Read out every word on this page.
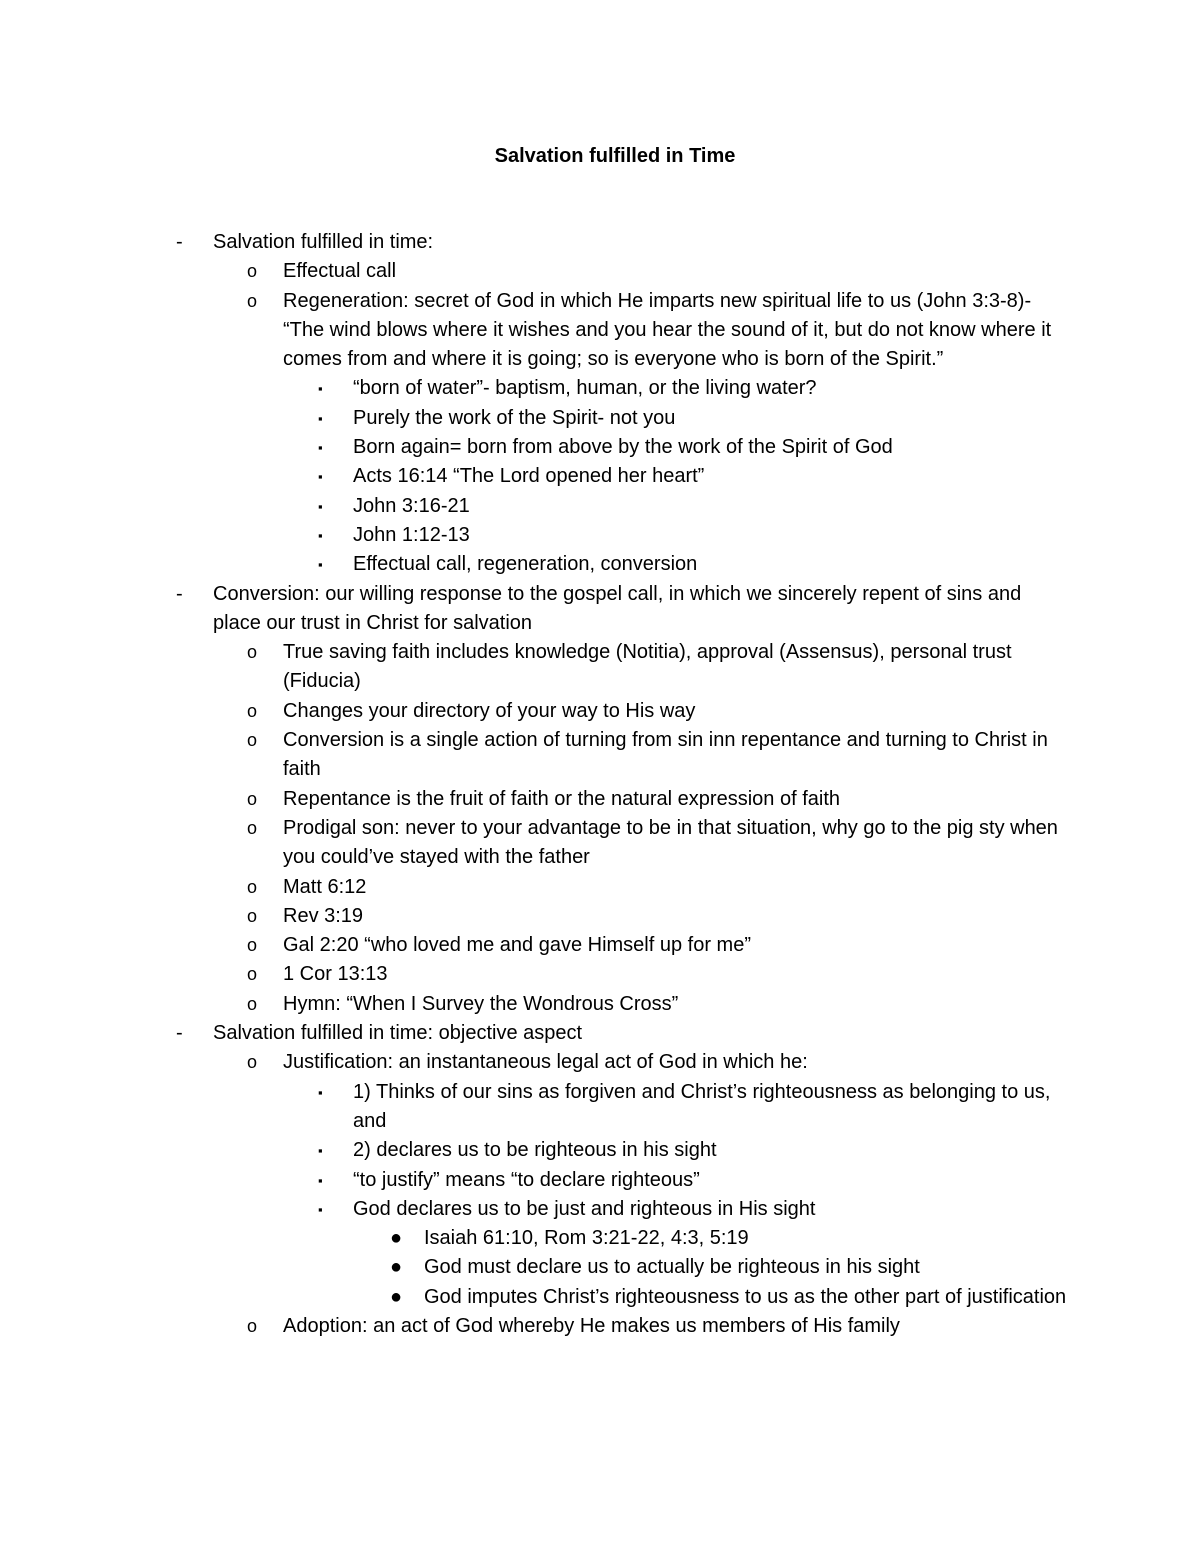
Salvation fulfilled in Time
- Salvation fulfilled in time:
o Effectual call
o Regeneration: secret of God in which He imparts new spiritual life to us (John 3:3-8)- “The wind blows where it wishes and you hear the sound of it, but do not know where it comes from and where it is going; so is everyone who is born of the Spirit.”
▪ “born of water”- baptism, human, or the living water?
▪ Purely the work of the Spirit- not you
▪ Born again= born from above by the work of the Spirit of God
▪ Acts 16:14 “The Lord opened her heart”
▪ John 3:16-21
▪ John 1:12-13
▪ Effectual call, regeneration, conversion
- Conversion: our willing response to the gospel call, in which we sincerely repent of sins and place our trust in Christ for salvation
o True saving faith includes knowledge (Notitia), approval (Assensus), personal trust (Fiducia)
o Changes your directory of your way to His way
o Conversion is a single action of turning from sin inn repentance and turning to Christ in faith
o Repentance is the fruit of faith or the natural expression of faith
o Prodigal son: never to your advantage to be in that situation, why go to the pig sty when you could’ve stayed with the father
o Matt 6:12
o Rev 3:19
o Gal 2:20 “who loved me and gave Himself up for me”
o 1 Cor 13:13
o Hymn: “When I Survey the Wondrous Cross”
- Salvation fulfilled in time: objective aspect
o Justification: an instantaneous legal act of God in which he:
▪ 1) Thinks of our sins as forgiven and Christ’s righteousness as belonging to us, and
▪ 2) declares us to be righteous in his sight
▪ “to justify” means “to declare righteous”
▪ God declares us to be just and righteous in His sight
● Isaiah 61:10, Rom 3:21-22, 4:3, 5:19
● God must declare us to actually be righteous in his sight
● God imputes Christ’s righteousness to us as the other part of justification
o Adoption: an act of God whereby He makes us members of His family
